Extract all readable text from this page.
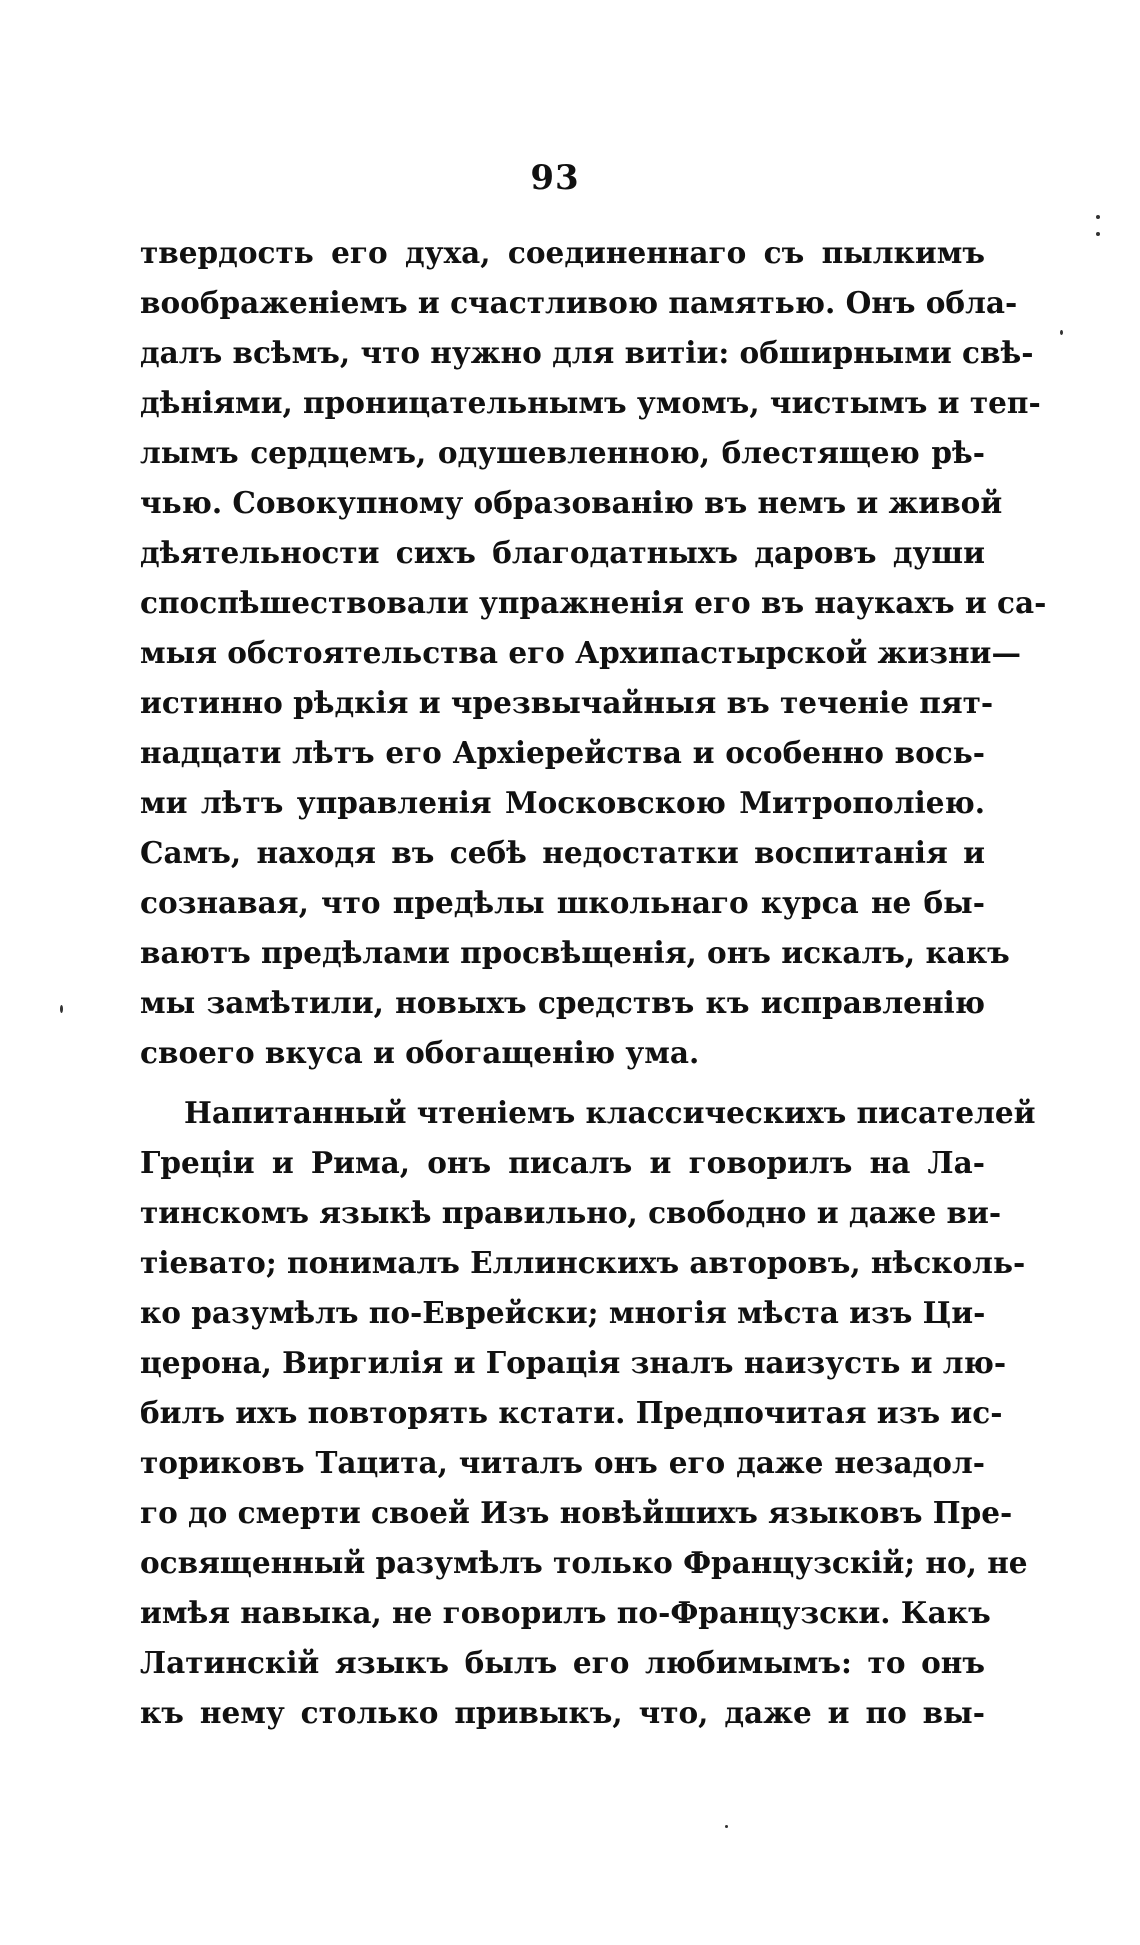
93
твердость его духа, соединеннаго съ пылкимъ
воображенiемъ и счастливою памятью. Онъ обла-
далъ всѣмъ, что нужно для витiи: обширными свѣ-
дѣнiями, проницательнымъ умомъ, чистымъ и теп-
лымъ сердцемъ, одушевленною, блестящею рѣ-
чью. Совокупному образованiю въ немъ и живой
дѣятельности сихъ благодатныхъ даровъ души
споспѣшествовали упражненiя его въ наукахъ и са-
мыя обстоятельства его Архипастырской жизни—
истинно рѣдкiя и чрезвычайныя въ теченiе пят-
надцати лѣтъ его Архiерейства и особенно вось-
ми лѣтъ управленiя Московскою Митрополiею.
Самъ, находя въ себѣ недостатки воспитанiя и
сознавая, что предѣлы школьнаго курса не бы-
ваютъ предѣлами просвѣщенiя, онъ искалъ, какъ
мы замѣтили, новыхъ средствъ къ исправленiю
своего вкуса и обогащенiю ума.
Напитанный чтенiемъ классическихъ писателей
Грецiи и Рима, онъ писалъ и говорилъ на Ла-
тинскомъ языкѣ правильно, свободно и даже ви-
тiевато; понималъ Еллинскихъ авторовъ, нѣсколь-
ко разумѣлъ по-Еврейски; многiя мѣста изъ Ци-
церона, Виргилiя и Горацiя зналъ наизусть и лю-
билъ ихъ повторять кстати. Предпочитая изъ ис-
ториковъ Тацита, читалъ онъ его даже незадол-
го до смерти своей Изъ новѣйшихъ языковъ Пре-
освященный разумѣлъ только Французскiй; но, не
имѣя навыка, не говорилъ по-Французски. Какъ
Латинскiй языкъ былъ его любимымъ: то онъ
къ нему столько привыкъ, что, даже и по вы-
